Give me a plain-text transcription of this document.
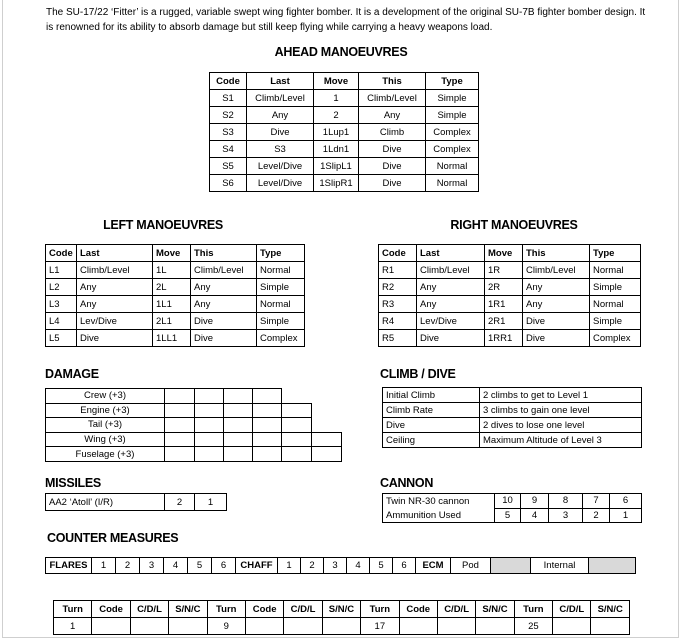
The SU-17/22 ‘Fitter’ is a rugged, variable swept wing fighter bomber. It is a development of the original SU-7B fighter bomber design. It is renowned for its ability to absorb damage but still keep flying while carrying a heavy weapons load.
AHEAD MANOEUVRES
Code	Last	Move	This	Type
S1	Climb/Level	1	Climb/Level	Simple
S2	Any	2	Any	Simple
S3	Dive	1Lup1	Climb	Complex
S4	S3	1Ldn1	Dive	Complex
S5	Level/Dive	1SlipL1	Dive	Normal
S6	Level/Dive	1SlipR1	Dive	Normal
LEFT MANOEUVRES	RIGHT MANOEUVRES
Code	Last	Move	This	Type
L1	Climb/Level	1L	Climb/Level	Normal
L2	Any	2L	Any	Simple
L3	Any	1L1	Any	Normal
L4	Lev/Dive	2L1	Dive	Simple
L5	Dive	1LL1	Dive	Complex
Code	Last	Move	This	Type
R1	Climb/Level	1R	Climb/Level	Normal
R2	Any	2R	Any	Simple
R3	Any	1R1	Any	Normal
R4	Lev/Dive	2R1	Dive	Simple
R5	Dive	1RR1	Dive	Complex
DAMAGE
Crew (+3)						
Engine (+3)						
Tail (+3)						
Wing (+3)						
Fuselage (+3)						
CLIMB / DIVE
Initial Climb	2 climbs to get to Level 1
Climb Rate	3 climbs to gain one level
Dive	2 dives to lose one level
Ceiling	Maximum Altitude of Level 3
MISSILES
AA2 ‘Atoll’ (I/R)	2	1
CANNON
Twin NR-30 cannon	10	9	8	7	6
Ammunition Used	5	4	3	2	1
COUNTER MEASURES
FLARES	1	2	3	4	5	6	CHAFF	1	2	3	4	5	6	ECM	Pod		Internal	
Turn	Code	C/D/L	S/N/C	Turn	Code	C/D/L	S/N/C	Turn	Code	C/D/L	S/N/C	Turn	C/D/L	S/N/C
1				9				17				25		
